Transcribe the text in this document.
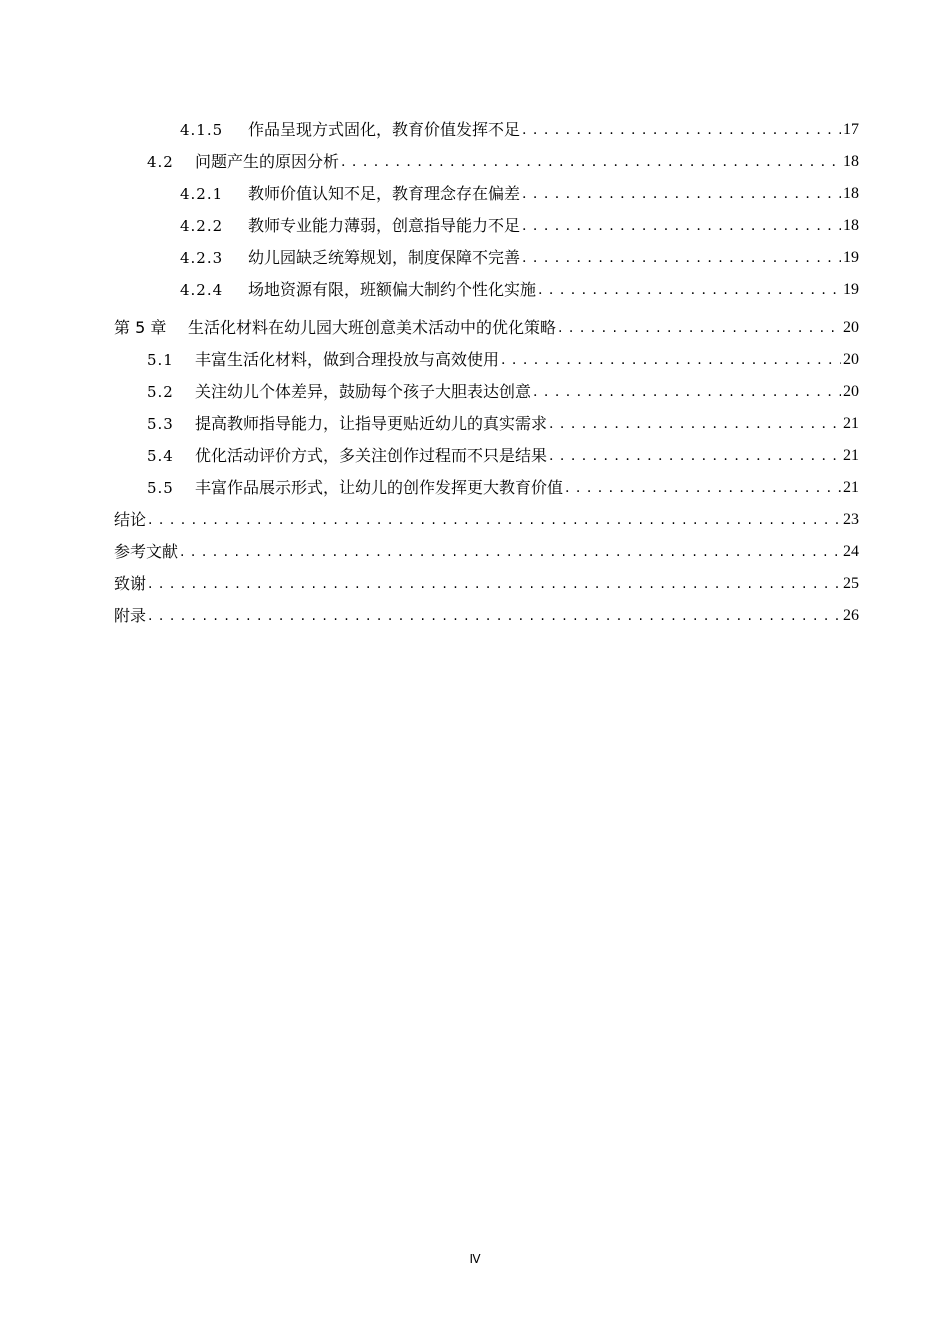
4.1.5	作品呈现方式固化，教育价值发挥不足 . . .	17
4.2	问题产生的原因分析 . . .	18
4.2.1	教师价值认知不足，教育理念存在偏差 . . .	18
4.2.2	教师专业能力薄弱，创意指导能力不足 . . .	18
4.2.3	幼儿园缺乏统筹规划，制度保障不完善 . . .	19
4.2.4	场地资源有限，班额偏大制约个性化实施 . . .	19
第 5 章	生活化材料在幼儿园大班创意美术活动中的优化策略 . . .	20
5.1	丰富生活化材料，做到合理投放与高效使用 . . .	20
5.2	关注幼儿个体差异，鼓励每个孩子大胆表达创意 . . .	20
5.3	提高教师指导能力，让指导更贴近幼儿的真实需求 . . .	21
5.4	优化活动评价方式，多关注创作过程而不只是结果 . . .	21
5.5	丰富作品展示形式，让幼儿的创作发挥更大教育价值 . . .	21
结论 . . .	23
参考文献 . . .	24
致谢 . . .	25
附录 . . .	26
Ⅳ
